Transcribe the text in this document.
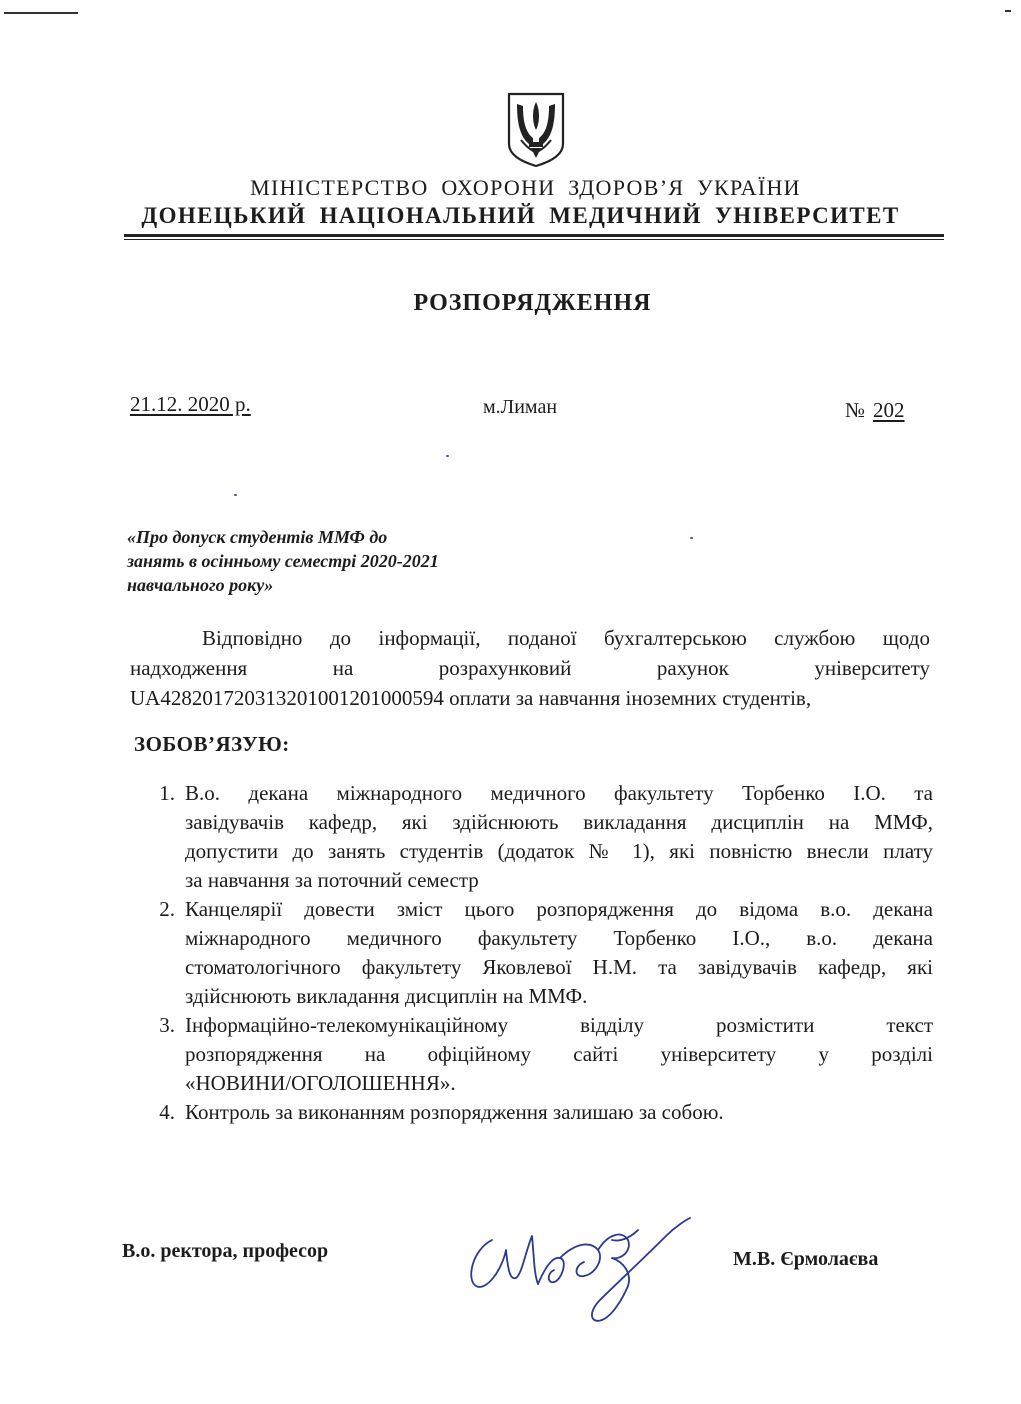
МІНІСТЕРСТВО ОХОРОНИ ЗДОРОВ’Я УКРАЇНИ
ДОНЕЦЬКИЙ НАЦІОНАЛЬНИЙ МЕДИЧНИЙ УНІВЕРСИТЕТ
РОЗПОРЯДЖЕННЯ
21.12. 2020 р.	м.Лиман	№ 202
«Про допуск студентів ММФ до
занять в осінньому семестрі 2020-2021
навчального року»
Відповідно до інформації, поданої бухгалтерською службою щодо
надходження на розрахунковий рахунок університету
UA428201720313201001201000594 оплати за навчання іноземних студентів,
ЗОБОВ’ЯЗУЮ:
1. В.о. декана міжнародного медичного факультету Торбенко І.О. та
завідувачів кафедр, які здійснюють викладання дисциплін на ММФ,
допустити до занять студентів (додаток № 1), які повністю внесли плату
за навчання за поточний семестр
2. Канцелярії довести зміст цього розпорядження до відома в.о. декана
міжнародного медичного факультету Торбенко І.О., в.о. декана
стоматологічного факультету Яковлевої Н.М. та завідувачів кафедр, які
здійснюють викладання дисциплін на ММФ.
3. Інформаційно-телекомунікаційному відділу розмістити текст
розпорядження на офіційному сайті університету у розділі
«НОВИНИ/ОГОЛОШЕННЯ».
4. Контроль за виконанням розпорядження залишаю за собою.
В.о. ректора, професор	М.В. Єрмолаєва
